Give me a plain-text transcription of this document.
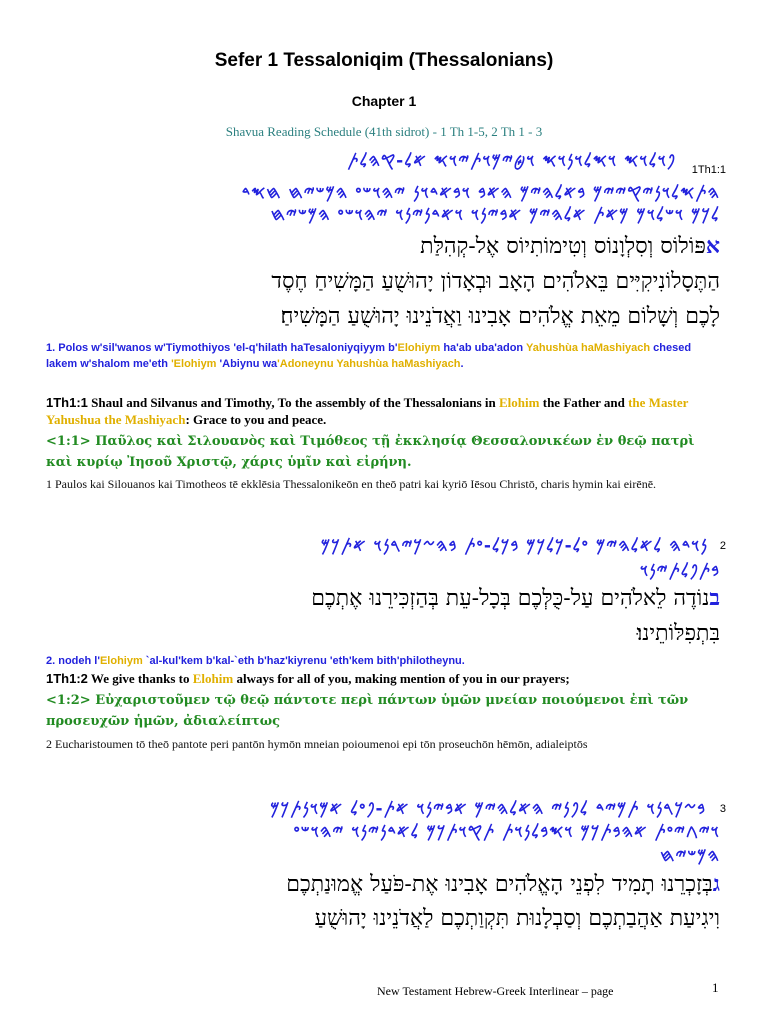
Sefer 1 Tessaloniqim (Thessalonians)
Chapter 1
Shavua Reading Schedule (41th sidrot) - 1 Th 1-5, 2 Th 1 - 3
𐤐𐤅𐤋𐤅𐤎 𐤅𐤎𐤋𐤅𐤍𐤅𐤎 𐤅𐤈𐤉𐤌𐤅𐤕𐤉𐤅𐤎 𐤀𐤋-𐤒𐤄𐤋𐤕 1Th1:1
𐤄𐤕𐤎𐤋𐤅𐤍𐤉𐤒𐤉𐤉𐤌 𐤁𐤀𐤋𐤄𐤉𐤌 𐤄𐤀𐤁 𐤅𐤁𐤀𐤃𐤅𐤍 𐤉𐤄𐤅𐤔𐤏 𐤄𐤌𐤔𐤉𐤇 𐤇𐤎𐤃
𐤋𐤊𐤌 𐤅𐤔𐤋𐤅𐤌 𐤌𐤀𐤕 𐤀𐤋𐤄𐤉𐤌 𐤀𐤁𐤉𐤍𐤅 𐤅𐤀𐤃𐤍𐤉𐤍𐤅 𐤉𐤄𐤅𐤔𐤏 𐤄𐤌𐤔𐤉𐤇
אפּוֹלוֹס וְסִלְוָנוֹס וְטִימוֹתִיוֹס אֶל-קְהִלַּת
הַתֶּסָלוֹנִיקִיִּים בֵּאלֹהִים הָאָב וּבְאָדוֹן יָהוּשֻׁעַ הַמָּשִׁיחַ חֶסֶד
לָכֶם וְשָׁלוֹם מֵאֵת אֱלֹהִים אָבִינוּ וַאֲדֹנֵינוּ יָהוּשֻׁעַ הַמָּשִׁיחַ׃
1. Polos w'sil'wanos w'Tiymothiyos 'el-q'hilath haTesaloniyqiyym b'Elohiym ha'ab uba'adon Yahushùa haMashiyach chesed lakem w'shalom me'eth 'Elohiym 'Abiynu wa'Adoneynu Yahushùa haMashiyach.
1Th1:1 Shaul and Silvanus and Timothy, To the assembly of the Thessalonians in Elohim the Father and the Master Yahushua the Mashiyach: Grace to you and peace.
<1:1> Παῦλος καὶ Σιλουανὸς καὶ Τιμόθεος τῇ ἐκκλησίᾳ Θεσσαλονικέων ἐν θεῷ πατρὶ καὶ κυρίῳ Ἰησοῦ Χριστῷ, χάρις ὑμῖν καὶ εἰρήνη.
1 Paulos kai Silouanos kai Timotheos tē ekklēsia Thessalonikeōn en theō patri kai kyriō Iēsou Christō, charis hymin kai eirēnē.
𐤍𐤅𐤃𐤄 𐤋𐤀𐤋𐤄𐤉𐤌 𐤏𐤋-𐤊𐤋𐤊𐤌 𐤁𐤊𐤋-𐤏𐤕 𐤁𐤄𐤆𐤊𐤉𐤓𐤍𐤅 𐤀𐤕𐤊𐤌 2
𐤁𐤕𐤐𐤋𐤕𐤉𐤍𐤅
בנוֹדֶה לֵאלֹהִים עַל-כֻּלְּכֶם בְּכָל-עֵת בְּהַזְכִּירֵנוּ אֶתְכֶם
בִּתְפִלּוֹתֵינוּ׃
2. nodeh l'Elohiym `al-kul'kem b'kal-`eth b'haz'kiyrenu 'eth'kem bith'philotheynu.
1Th1:2 We give thanks to Elohim always for all of you, making mention of you in our prayers;
<1:2> Εὐχαριστοῦμεν τῷ θεῷ πάντοτε περὶ πάντων ὑμῶν μνείαν ποιούμενοι ἐπὶ τῶν προσευχῶν ἡμῶν, ἀδιαλείπτως
2 Eucharistoumen tō theō pantote peri pantōn hymōn mneian poioumenoi epi tōn proseuchōn hēmōn, adialeiptōs
𐤁𐤆𐤊𐤓𐤍𐤅 𐤕𐤌𐤉𐤃 𐤋𐤐𐤍𐤉 𐤄𐤀𐤋𐤄𐤉𐤌 𐤀𐤁𐤉𐤍𐤅 𐤀𐤕-𐤐𐤏𐤋 𐤀𐤌𐤅𐤍𐤕𐤊𐤌 3
𐤅𐤉𐤂𐤉𐤏𐤕 𐤀𐤄𐤁𐤕𐤊𐤌 𐤅𐤎𐤁𐤋𐤍𐤅𐤕 𐤕𐤒𐤅𐤕𐤊𐤌 𐤋𐤀𐤃𐤍𐤉𐤍𐤅 𐤉𐤄𐤅𐤔𐤏
𐤄𐤌𐤔𐤉𐤇
גבְּזָכְרֵנוּ תָמִיד לִפְנֵי הָאֱלֹהִים אָבִינוּ אֶת-פֹּעַל אֱמוּנַתְכֶם
וִיגִיעַת אַהֲבַתְכֶם וְסַבְלָנוּת תִּקְוַתְכֶם לַאֲדֹנֵינוּ יָהוּשֻׁעַ
New Testament Hebrew-Greek Interlinear – page	1
